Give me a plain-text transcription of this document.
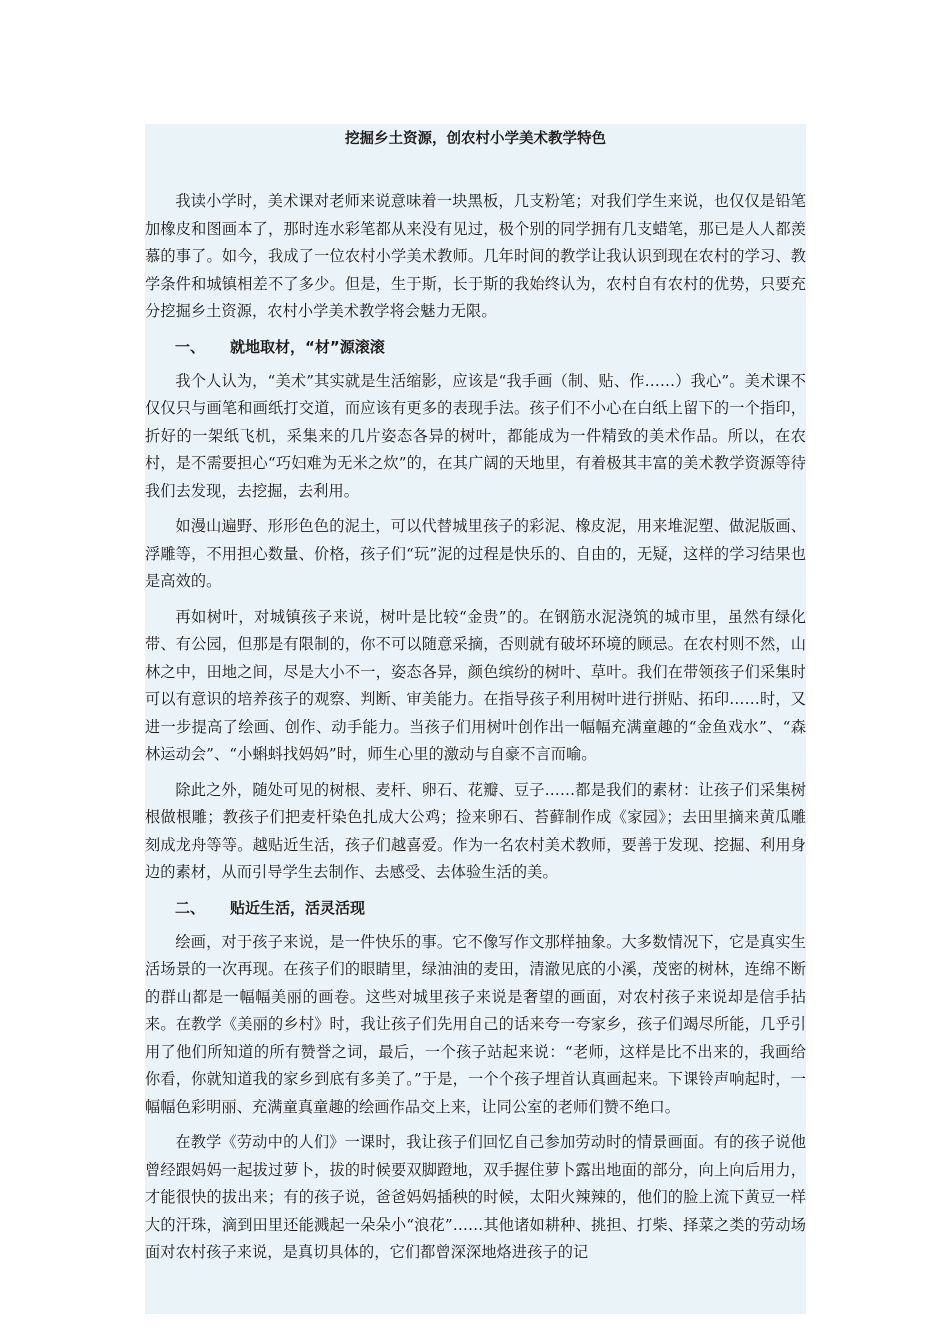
挖掘乡土资源，创农村小学美术教学特色

我读小学时，美术课对老师来说意味着一块黑板，几支粉笔；对我们学生来说，也仅仅是铅笔加橡皮和图画本了，那时连水彩笔都从来没有见过，极个别的同学拥有几支蜡笔，那已是人人都羡慕的事了。如今，我成了一位农村小学美术教师。几年时间的教学让我认识到现在农村的学习、教学条件和城镇相差不了多少。但是，生于斯，长于斯的我始终认为，农村自有农村的优势，只要充分挖掘乡土资源，农村小学美术教学将会魅力无限。

一、 就地取材，“材”源滚滚

我个人认为，“美术”其实就是生活缩影，应该是“我手画（制、贴、作……）我心”。美术课不仅仅只与画笔和画纸打交道，而应该有更多的表现手法。孩子们不小心在白纸上留下的一个指印，折好的一架纸飞机，采集来的几片姿态各异的树叶，都能成为一件精致的美术作品。所以，在农村，是不需要担心“巧妇难为无米之炊”的，在其广阔的天地里，有着极其丰富的美术教学资源等待我们去发现，去挖掘，去利用。

如漫山遍野、形形色色的泥土，可以代替城里孩子的彩泥、橡皮泥，用来堆泥塑、做泥版画、浮雕等，不用担心数量、价格，孩子们“玩”泥的过程是快乐的、自由的，无疑，这样的学习结果也是高效的。

再如树叶，对城镇孩子来说，树叶是比较“金贵”的。在钢筋水泥浇筑的城市里，虽然有绿化带、有公园，但那是有限制的，你不可以随意采摘，否则就有破坏环境的顾忌。在农村则不然，山林之中，田地之间，尽是大小不一，姿态各异，颜色缤纷的树叶、草叶。我们在带领孩子们采集时可以有意识的培养孩子的观察、判断、审美能力。在指导孩子利用树叶进行拼贴、拓印……时，又进一步提高了绘画、创作、动手能力。当孩子们用树叶创作出一幅幅充满童趣的“金鱼戏水”、“森林运动会”、“小蝌蚪找妈妈”时，师生心里的激动与自豪不言而喻。

除此之外，随处可见的树根、麦杆、卵石、花瓣、豆子……都是我们的素材：让孩子们采集树根做根雕；教孩子们把麦杆染色扎成大公鸡；捡来卵石、苔藓制作成《家园》；去田里摘来黄瓜雕刻成龙舟等等。越贴近生活，孩子们越喜爱。作为一名农村美术教师，要善于发现、挖掘、利用身边的素材，从而引导学生去制作、去感受、去体验生活的美。

二、 贴近生活，活灵活现

绘画，对于孩子来说，是一件快乐的事。它不像写作文那样抽象。大多数情况下，它是真实生活场景的一次再现。在孩子们的眼睛里，绿油油的麦田，清澈见底的小溪，茂密的树林，连绵不断的群山都是一幅幅美丽的画卷。这些对城里孩子来说是奢望的画面，对农村孩子来说却是信手拈来。在教学《美丽的乡村》时，我让孩子们先用自己的话来夸一夸家乡，孩子们竭尽所能，几乎引用了他们所知道的所有赞誉之词，最后，一个孩子站起来说：“老师，这样是比不出来的，我画给你看，你就知道我的家乡到底有多美了。”于是，一个个孩子埋首认真画起来。下课铃声响起时，一幅幅色彩明丽、充满童真童趣的绘画作品交上来，让同公室的老师们赞不绝口。

在教学《劳动中的人们》一课时，我让孩子们回忆自己参加劳动时的情景画面。有的孩子说他曾经跟妈妈一起拔过萝卜，拔的时候要双脚蹬地，双手握住萝卜露出地面的部分，向上向后用力，才能很快的拔出来；有的孩子说，爸爸妈妈插秧的时候，太阳火辣辣的，他们的脸上流下黄豆一样大的汗珠，滴到田里还能溅起一朵朵小“浪花”……其他诸如耕种、挑担、打柴、择菜之类的劳动场面对农村孩子来说，是真切具体的，它们都曾深深地烙进孩子的记
